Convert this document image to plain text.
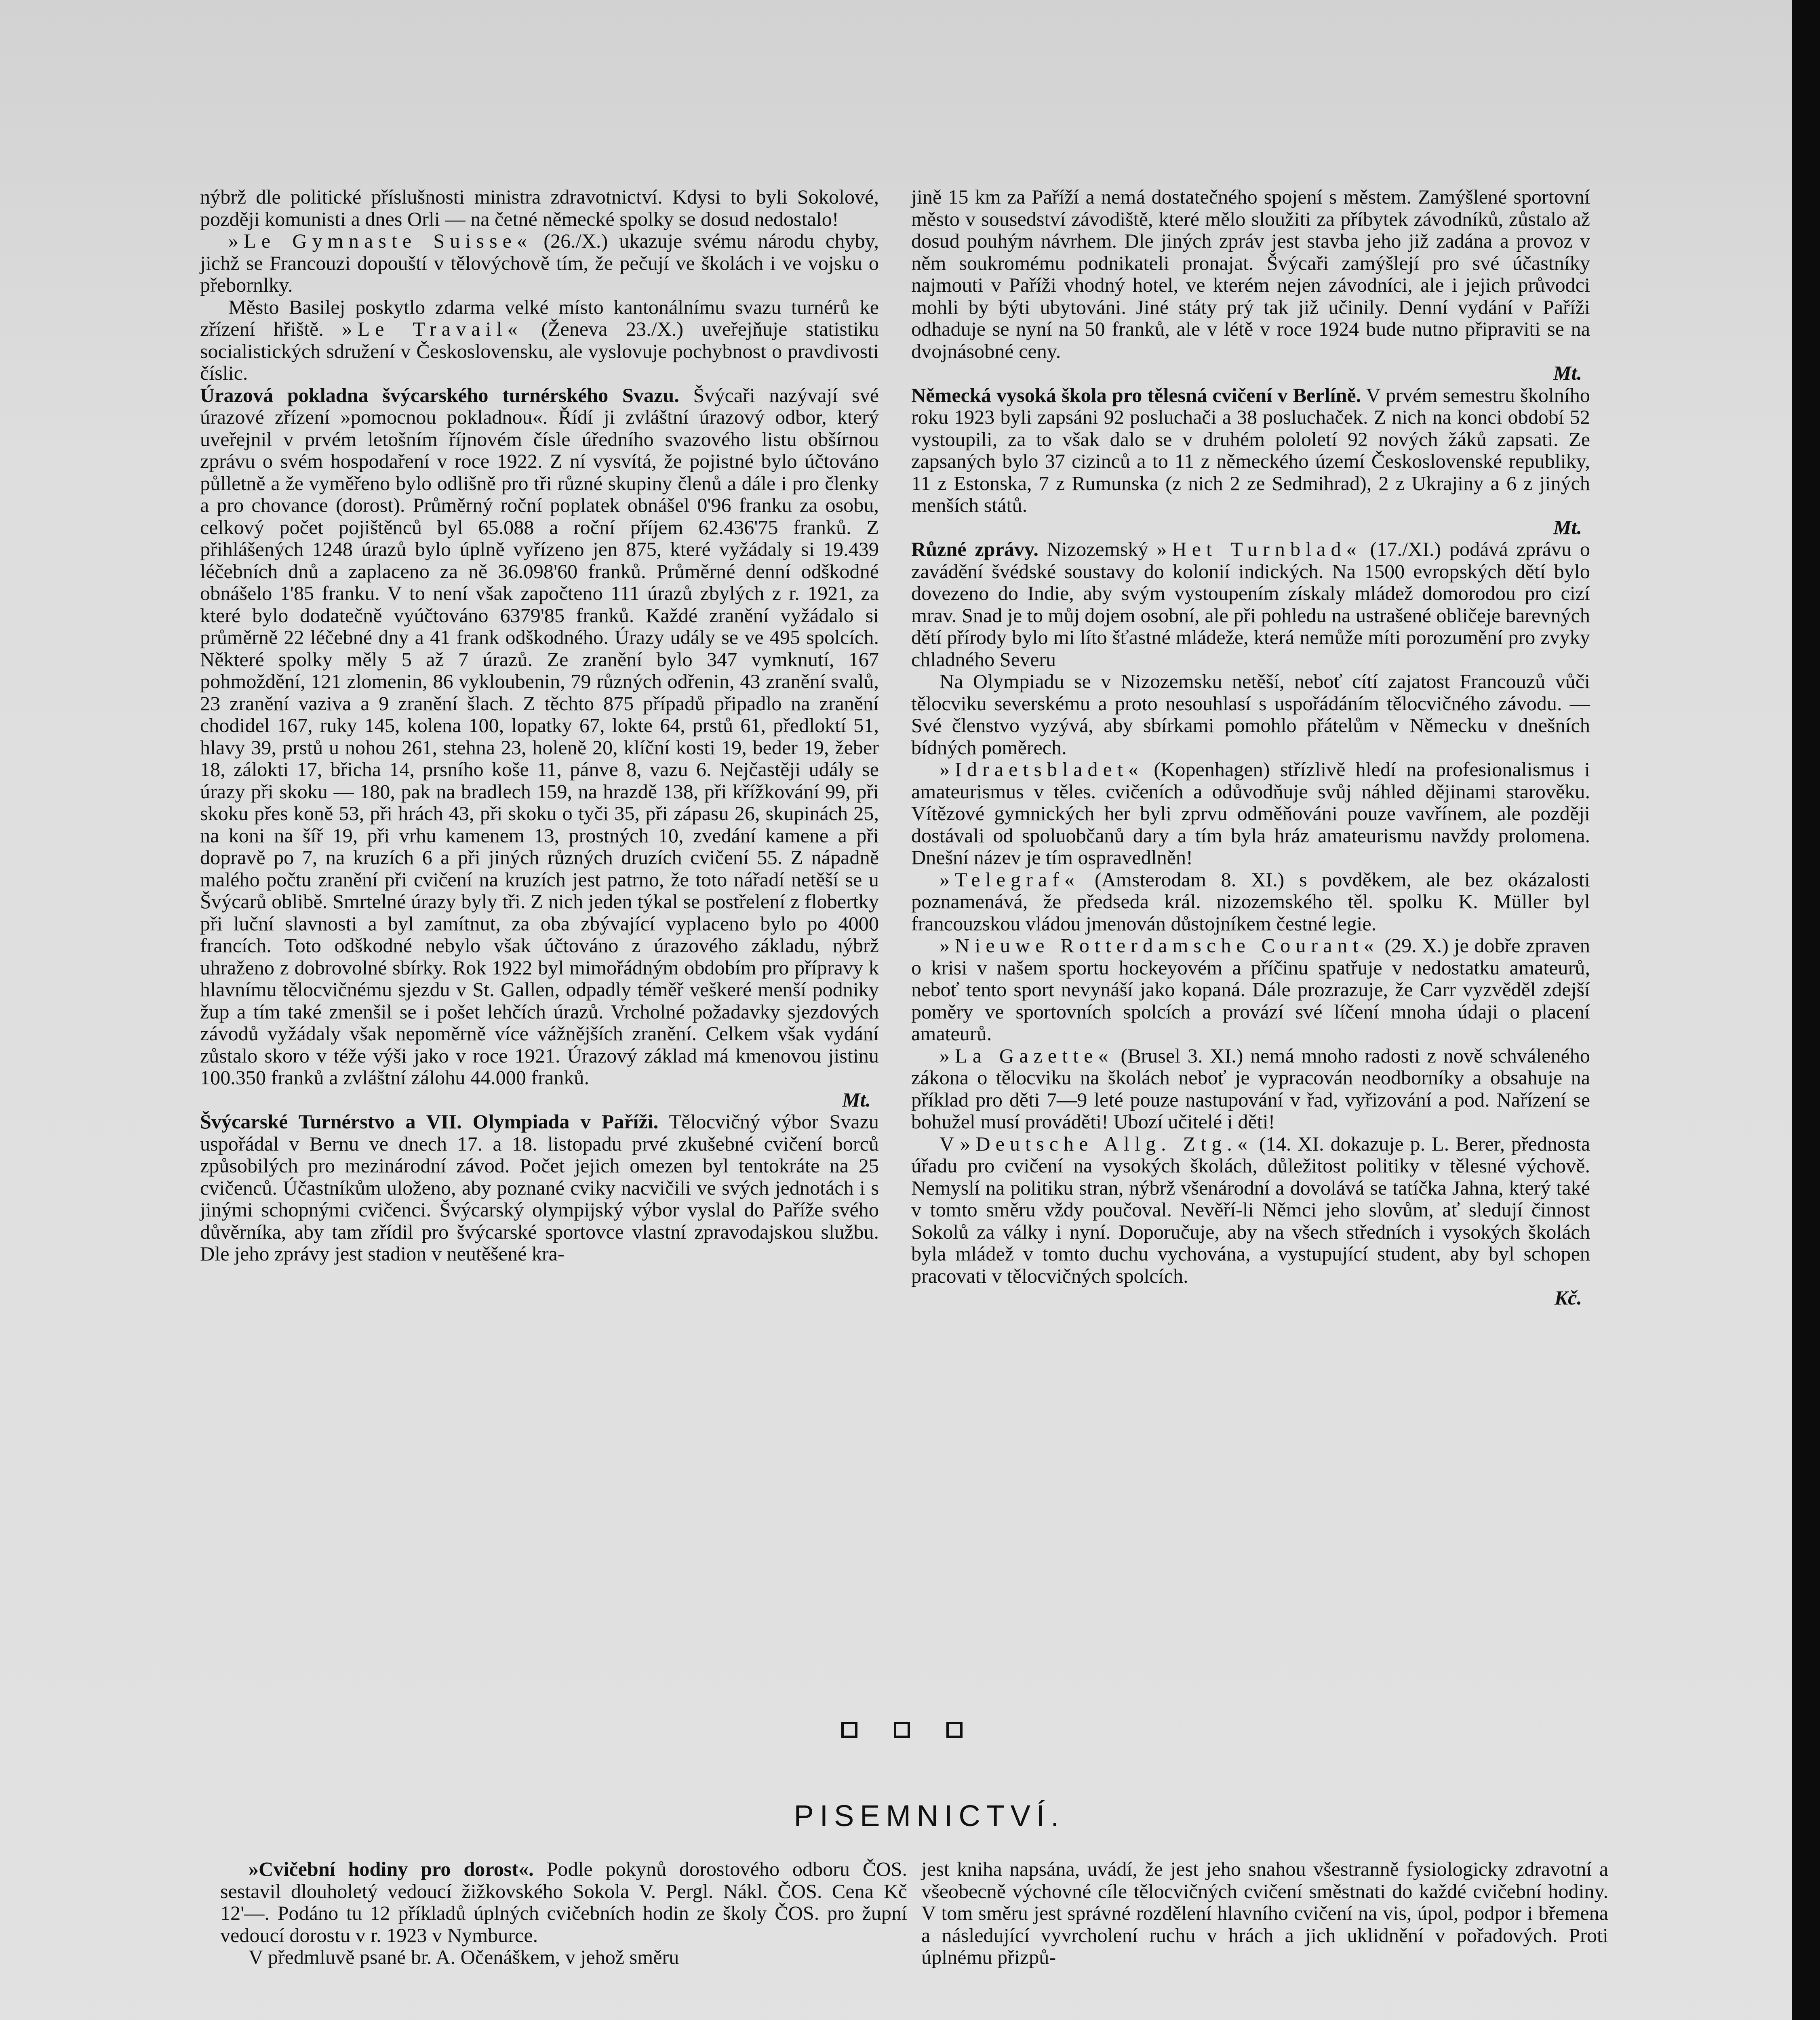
nýbrž dle politické příslušnosti ministra zdravotnictví. Kdysi to byli Sokolové, později komunisti a dnes Orli — na četné německé spolky se dosud nedostalo!

»Le Gymnaste Suisse« (26./X.) ukazuje svému národu chyby, jichž se Francouzi dopouští v tělovýchově tím, že pečují ve školách i ve vojsku o přebornlky.

Město Basilej poskytlo zdarma velké místo kantonálnímu svazu turnérů ke zřízení hřiště. »Le Travail« (Ženeva 23./X.) uveřejňuje statistiku socialistických sdružení v Československu, ale vyslovuje pochybnost o pravdivosti číslic.

Úrazová pokladna švýcarského turnérského Svazu. Švýcaři nazývají své úrazové zřízení »pomocnou pokladnou«. Řídí ji zvláštní úrazový odbor, který uveřejnil v prvém letošním říjnovém čísle úředního svazového listu obšírnou zprávu o svém hospodaření v roce 1922. Z ní vysvítá, že pojistné bylo účtováno půlletně a že vyměřeno bylo odlišně pro tři různé skupiny členů a dále i pro členky a pro chovance (dorost). Průměrný roční poplatek obnášel 0'96 franku za osobu, celkový počet pojištěnců byl 65.088 a roční příjem 62.436'75 franků. Z přihlášených 1248 úrazů bylo úplně vyřízeno jen 875, které vyžádaly si 19.439 léčebních dnů a zaplaceno za ně 36.098'60 franků. Průměrné denní odškodné obnášelo 1'85 franku. V to není však započteno 111 úrazů zbylých z r. 1921, za které bylo dodatečně vyúčtováno 6379'85 franků. Každé zranění vyžádalo si průměrně 22 léčebné dny a 41 frank odškodného. Úrazy udály se ve 495 spolcích. Některé spolky měly 5 až 7 úrazů. Ze zranění bylo 347 vymknutí, 167 pohmoždění, 121 zlomenin, 86 vykloubenin, 79 různých odřenin, 43 zranění svalů, 23 zranění vaziva a 9 zranění šlach. Z těchto 875 případů připadlo na zranění chodidel 167, ruky 145, kolena 100, lopatky 67, lokte 64, prstů 61, předloktí 51, hlavy 39, prstů u nohou 261, stehna 23, holeně 20, klíční kosti 19, beder 19, žeber 18, zálokti 17, břicha 14, prsního koše 11, pánve 8, vazu 6. Nejčastěji udály se úrazy při skoku — 180, pak na bradlech 159, na hrazdě 138, při křížkování 99, při skoku přes koně 53, při hrách 43, při skoku o tyči 35, při zápasu 26, skupinách 25, na koni na šíř 19, při vrhu kamenem 13, prostných 10, zvedání kamene a při dopravě po 7, na kruzích 6 a při jiných různých druzích cvičení 55. Z nápadně malého počtu zranění při cvičení na kruzích jest patrno, že toto nářadí netěší se u Švýcarů oblibě. Smrtelné úrazy byly tři. Z nich jeden týkal se postřelení z flobertky při luční slavnosti a byl zamítnut, za oba zbývající vyplaceno bylo po 4000 francích. Toto odškodné nebylo však účtováno z úrazového základu, nýbrž uhraženo z dobrovolné sbírky. Rok 1922 byl mimořádným obdobím pro přípravy k hlavnímu tělocvičnému sjezdu v St. Gallen, odpadly téměř veškeré menší podniky žup a tím také zmenšil se i pošet lehčích úrazů. Vrcholné požadavky sjezdových závodů vyžádaly však nepoměrně více vážnějších zranění. Celkem však vydání zůstalo skoro v téže výši jako v roce 1921. Úrazový základ má kmenovou jistinu 100.350 franků a zvláštní zálohu 44.000 franků.

Mt.

Švýcarské Turnérstvo a VII. Olympiada v Paříži. Tělocvičný výbor Svazu uspořádal v Bernu ve dnech 17. a 18. listopadu prvé zkušebné cvičení borců způsobilých pro mezinárodní závod. Počet jejich omezen byl tentokráte na 25 cvičenců. Účastníkům uloženo, aby poznané cviky nacvičili ve svých jednotách i s jinými schopnými cvičenci. Švýcarský olympijský výbor vyslal do Paříže svého důvěrníka, aby tam zřídil pro švýcarské sportovce vlastní zpravodajskou službu. Dle jeho zprávy jest stadion v neutěšené kra-

jině 15 km za Paříží a nemá dostatečného spojení s městem. Zamýšlené sportovní město v sousedství závodiště, které mělo sloužiti za příbytek závodníků, zůstalo až dosud pouhým návrhem. Dle jiných zpráv jest stavba jeho již zadána a provoz v něm soukromému podnikateli pronajat. Švýcaři zamýšlejí pro své účastníky najmouti v Paříži vhodný hotel, ve kterém nejen závodníci, ale i jejich průvodci mohli by býti ubytováni. Jiné státy prý tak již učinily. Denní vydání v Paříži odhaduje se nyní na 50 franků, ale v létě v roce 1924 bude nutno připraviti se na dvojnásobné ceny.

Mt.

Německá vysoká škola pro tělesná cvičení v Berlíně. V prvém semestru školního roku 1923 byli zapsáni 92 posluchači a 38 posluchaček. Z nich na konci období 52 vystoupili, za to však dalo se v druhém pololetí 92 nových žáků zapsati. Ze zapsaných bylo 37 cizinců a to 11 z německého území Československé republiky, 11 z Estonska, 7 z Rumunska (z nich 2 ze Sedmihrad), 2 z Ukrajiny a 6 z jiných menších států.

Mt.

Různé zprávy. Nizozemský »Het Turnblad« (17./XI.) podává zprávu o zavádění švédské soustavy do kolonií indických. Na 1500 evropských dětí bylo dovezeno do Indie, aby svým vystoupením získaly mládež domorodou pro cizí mrav. Snad je to můj dojem osobní, ale při pohledu na ustrašené obličeje barevných dětí přírody bylo mi líto šťastné mládeže, která nemůže míti porozumění pro zvyky chladného Severu

Na Olympiadu se v Nizozemsku netěší, neboť cítí zajatost Francouzů vůči tělocviku severskému a proto nesouhlasí s uspořádáním tělocvičného závodu. — Své členstvo vyzývá, aby sbírkami pomohlo přátelům v Německu v dnešních bídných poměrech.

»Idraetsbladet« (Kopenhagen) střízlivě hledí na profesionalismus i amateurismus v těles. cvičeních a odůvodňuje svůj náhled dějinami starověku. Vítězové gymnických her byli zprvu odměňováni pouze vavřínem, ale později dostávali od spoluobčanů dary a tím byla hráz amateurismu navždy prolomena. Dnešní název je tím ospravedlněn!

»Telegraf« (Amsterodam 8. XI.) s povděkem, ale bez okázalosti poznamenává, že předseda král. nizozemského těl. spolku K. Müller byl francouzskou vládou jmenován důstojníkem čestné legie.

»Nieuwe Rotterdamsche Courant« (29. X.) je dobře zpraven o krisi v našem sportu hockeyovém a příčinu spatřuje v nedostatku amateurů, neboť tento sport nevynáší jako kopaná. Dále prozrazuje, že Carr vyzvěděl zdejší poměry ve sportovních spolcích a provází své líčení mnoha údaji o placení amateurů.

»La Gazette« (Brusel 3. XI.) nemá mnoho radosti z nově schváleného zákona o tělocviku na školách neboť je vypracován neodborníky a obsahuje na příklad pro děti 7—9 leté pouze nastupování v řad, vyřizování a pod. Nařízení se bohužel musí prováděti! Ubozí učitelé i děti!

V »Deutsche Allg. Ztg.« (14. XI. dokazuje p. L. Berer, přednosta úřadu pro cvičení na vysokých školách, důležitost politiky v tělesné výchově. Nemyslí na politiku stran, nýbrž všenárodní a dovolává se tatíčka Jahna, který také v tomto směru vždy poučoval. Nevěří-li Němci jeho slovům, ať sledují činnost Sokolů za války i nyní. Doporučuje, aby na všech středních i vysokých školách byla mládež v tomto duchu vychována, a vystupující student, aby byl schopen pracovati v tělocvičných spolcích.

Kč.

PISEMNICTVÍ.

»Cvičební hodiny pro dorost«. Podle pokynů dorostového odboru ČOS. sestavil dlouholetý vedoucí žižkovského Sokola V. Pergl. Nákl. ČOS. Cena Kč 12'—. Podáno tu 12 příkladů úplných cvičebních hodin ze školy ČOS. pro župní vedoucí dorostu v r. 1923 v Nymburce.

V předmluvě psané br. A. Očenáškem, v jehož směru

jest kniha napsána, uvádí, že jest jeho snahou všestranně fysiologicky zdravotní a všeobecně výchovné cíle tělocvičných cvičení směstnati do každé cvičební hodiny. V tom směru jest správné rozdělení hlavního cvičení na vis, úpol, podpor i břemena a následující vyvrcholení ruchu v hrách a jich uklidnění v pořadových. Proti úplnému přizpů-
